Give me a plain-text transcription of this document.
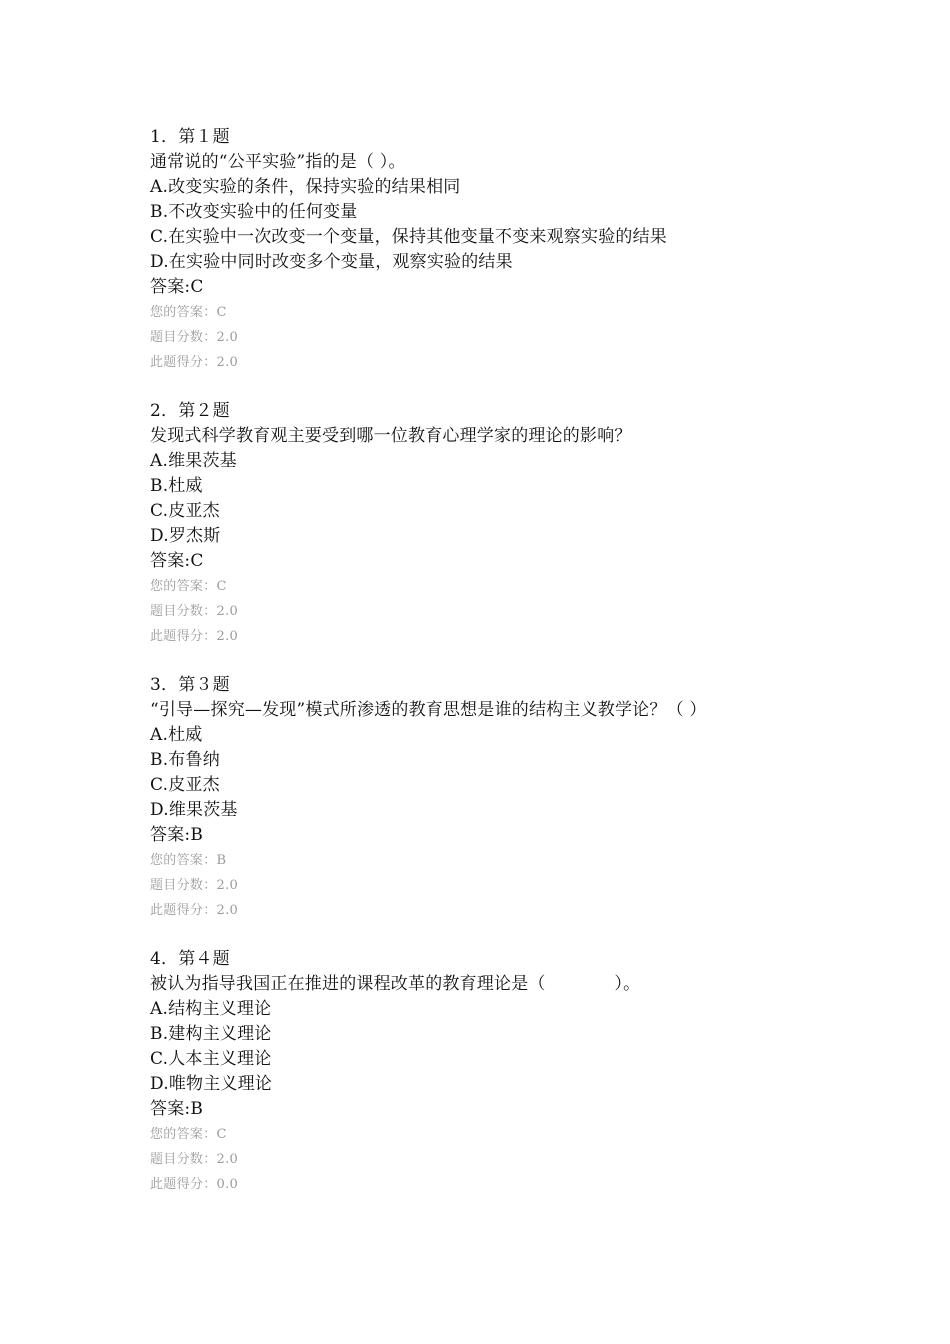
1．第１题
通常说的“公平实验”指的是（ ）。
A.改变实验的条件，保持实验的结果相同
B.不改变实验中的任何变量
C.在实验中一次改变一个变量，保持其他变量不变来观察实验的结果
D.在实验中同时改变多个变量，观察实验的结果
答案:C
您的答案：C
题目分数：2.0
此题得分：2.0
2．第２题
发现式科学教育观主要受到哪一位教育心理学家的理论的影响？
A.维果茨基
B.杜威
C.皮亚杰
D.罗杰斯
答案:C
您的答案：C
题目分数：2.0
此题得分：2.0
3．第３题
“引导—探究—发现”模式所渗透的教育思想是谁的结构主义教学论？（ ）
A.杜威
B.布鲁纳
C.皮亚杰
D.维果茨基
答案:B
您的答案：B
题目分数：2.0
此题得分：2.0
4．第４题
被认为指导我国正在推进的课程改革的教育理论是（　　　　）。
A.结构主义理论
B.建构主义理论
C.人本主义理论
D.唯物主义理论
答案:B
您的答案：C
题目分数：2.0
此题得分：0.0
